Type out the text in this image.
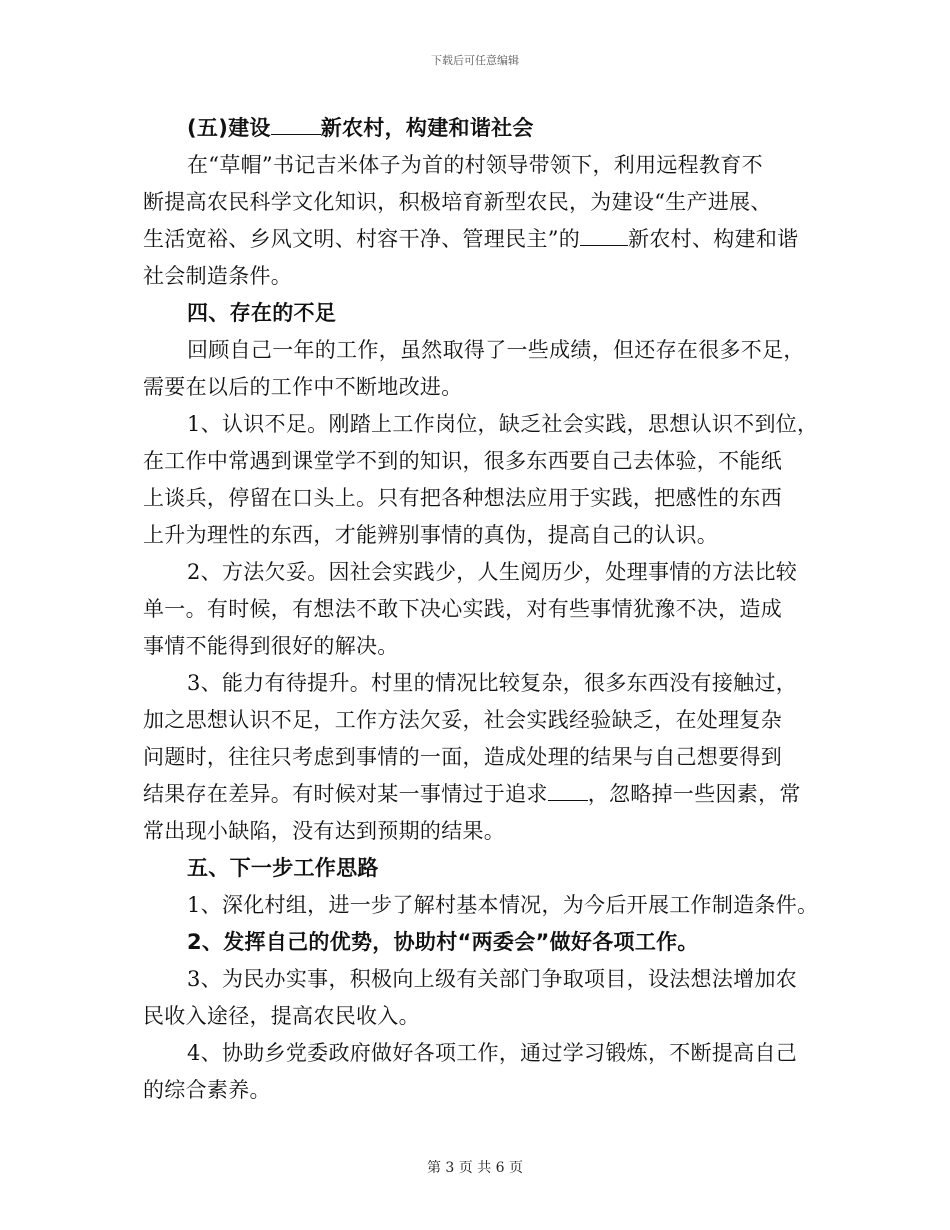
下载后可任意编辑
(五)建设 新农村，构建和谐社会
在“草帽”书记吉米体子为首的村领导带领下，利用远程教育不
断提高农民科学文化知识，积极培育新型农民，为建设“生产进展、
生活宽裕、乡风文明、村容干净、管理民主”的 新农村、构建和谐
社会制造条件。
四、存在的不足
回顾自己一年的工作，虽然取得了一些成绩，但还存在很多不足，
需要在以后的工作中不断地改进。
1、认识不足。刚踏上工作岗位，缺乏社会实践，思想认识不到位，
在工作中常遇到课堂学不到的知识，很多东西要自己去体验，不能纸
上谈兵，停留在口头上。只有把各种想法应用于实践，把感性的东西
上升为理性的东西，才能辨别事情的真伪，提高自己的认识。
2、方法欠妥。因社会实践少，人生阅历少，处理事情的方法比较
单一。有时候，有想法不敢下决心实践，对有些事情犹豫不决，造成
事情不能得到很好的解决。
3、能力有待提升。村里的情况比较复杂，很多东西没有接触过，
加之思想认识不足，工作方法欠妥，社会实践经验缺乏，在处理复杂
问题时，往往只考虑到事情的一面，造成处理的结果与自己想要得到
结果存在差异。有时候对某一事情过于追求 ，忽略掉一些因素，常
常出现小缺陷，没有达到预期的结果。
五、下一步工作思路
1、深化村组，进一步了解村基本情况，为今后开展工作制造条件。
2、发挥自己的优势，协助村“两委会”做好各项工作。
3、为民办实事，积极向上级有关部门争取项目，设法想法增加农
民收入途径，提高农民收入。
4、协助乡党委政府做好各项工作，通过学习锻炼，不断提高自己
的综合素养。
第 3 页 共 6 页
